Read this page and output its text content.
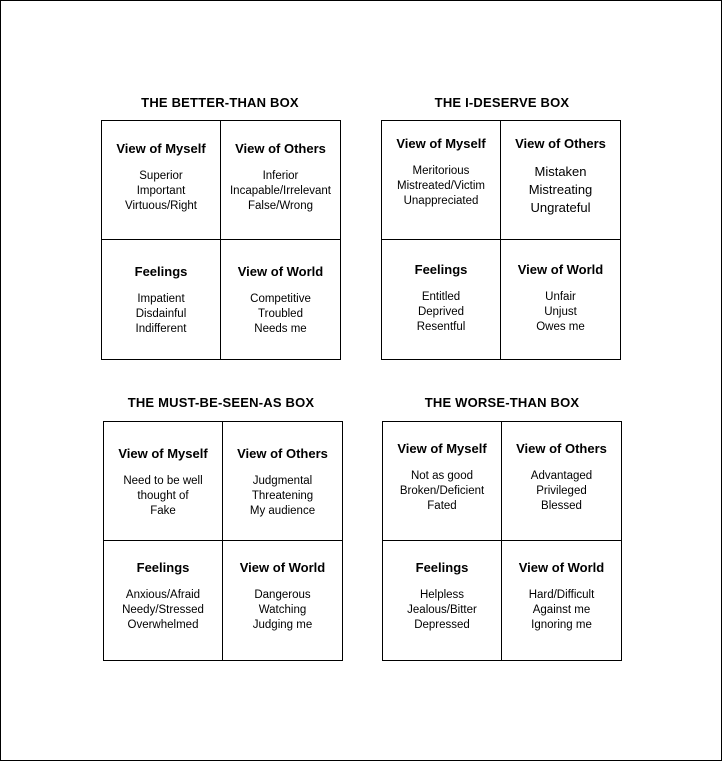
THE BETTER-THAN BOX
View of Myself
Superior
Important
Virtuous/Right
View of Others
Inferior
Incapable/Irrelevant
False/Wrong
Feelings
Impatient
Disdainful
Indifferent
View of World
Competitive
Troubled
Needs me
THE I-DESERVE BOX
View of Myself
Meritorious
Mistreated/Victim
Unappreciated
View of Others
Mistaken
Mistreating
Ungrateful
Feelings
Entitled
Deprived
Resentful
View of World
Unfair
Unjust
Owes me
THE MUST-BE-SEEN-AS BOX
View of Myself
Need to be well
thought of
Fake
View of Others
Judgmental
Threatening
My audience
Feelings
Anxious/Afraid
Needy/Stressed
Overwhelmed
View of World
Dangerous
Watching
Judging me
THE WORSE-THAN BOX
View of Myself
Not as good
Broken/Deficient
Fated
View of Others
Advantaged
Privileged
Blessed
Feelings
Helpless
Jealous/Bitter
Depressed
View of World
Hard/Difficult
Against me
Ignoring me
